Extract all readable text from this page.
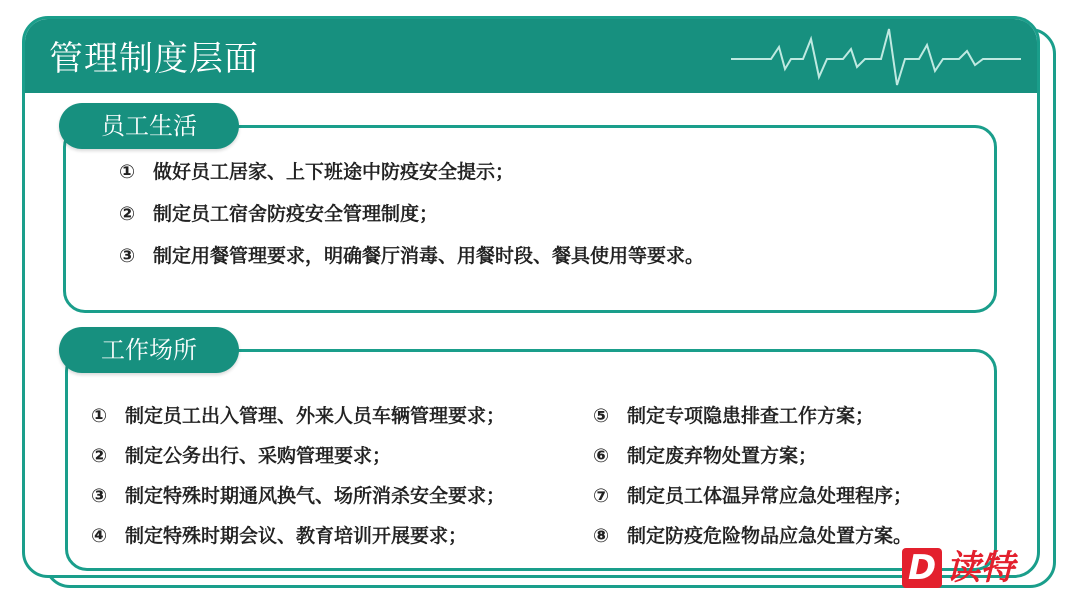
管理制度层面
员工生活
① 做好员工居家、上下班途中防疫安全提示；
② 制定员工宿舍防疫安全管理制度；
③ 制定用餐管理要求，明确餐厅消毒、用餐时段、餐具使用等要求。
工作场所
① 制定员工出入管理、外来人员车辆管理要求；
② 制定公务出行、采购管理要求；
③ 制定特殊时期通风换气、场所消杀安全要求；
④ 制定特殊时期会议、教育培训开展要求；
⑤ 制定专项隐患排查工作方案；
⑥ 制定废弃物处置方案；
⑦ 制定员工体温异常应急处理程序；
⑧ 制定防疫危险物品应急处置方案。
D 读特
